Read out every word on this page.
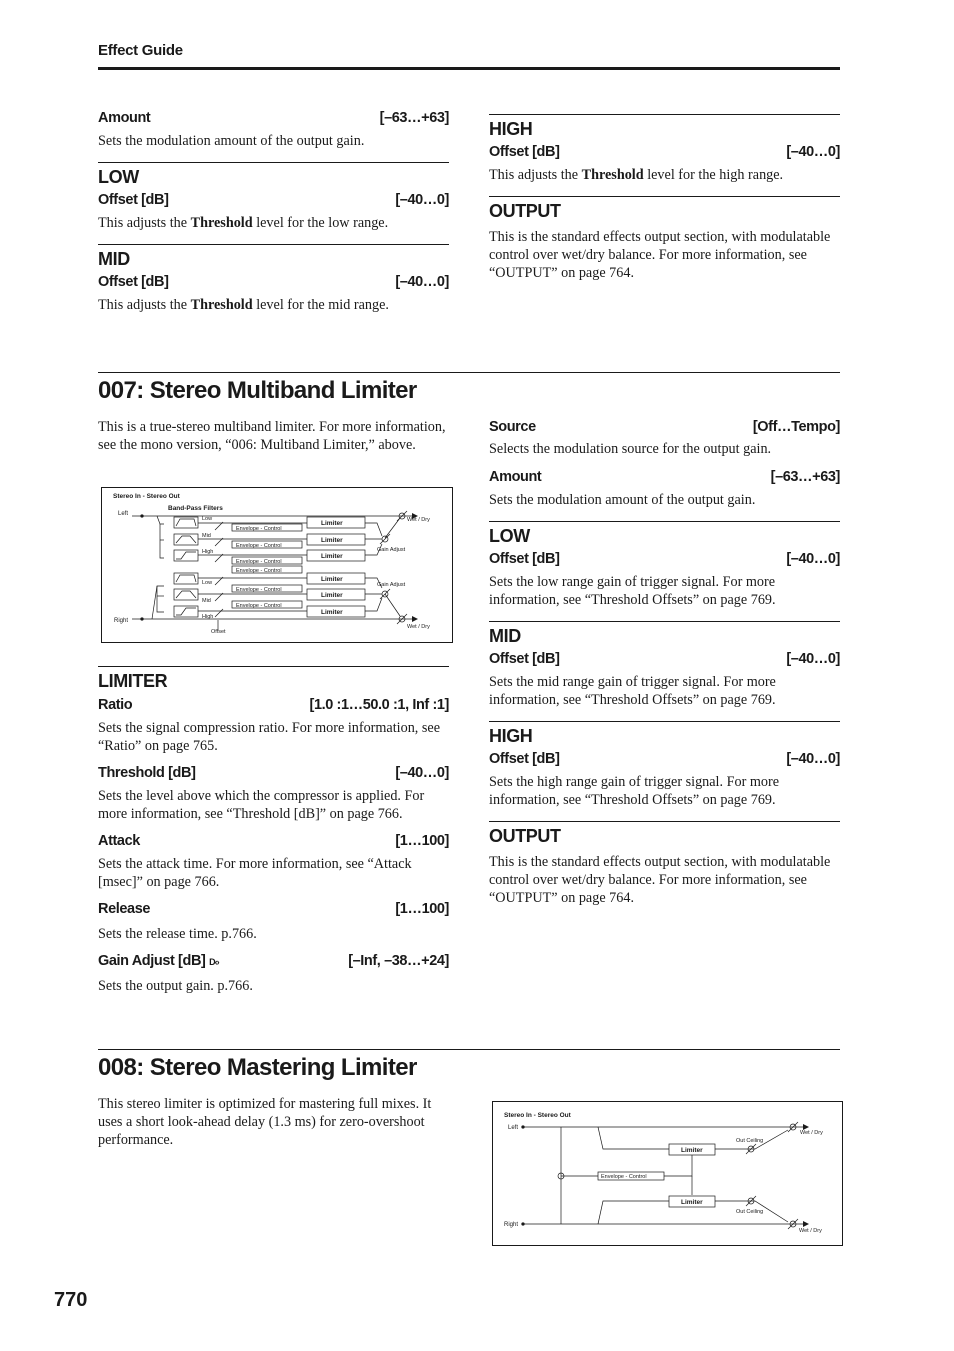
Effect Guide
Amount	[–63…+63]
Sets the modulation amount of the output gain.
LOW
Offset [dB]	[–40…0]
This adjusts the Threshold level for the low range.
MID
Offset [dB]	[–40…0]
This adjusts the Threshold level for the mid range.
HIGH
Offset [dB]	[–40…0]
This adjusts the Threshold level for the high range.
OUTPUT
This is the standard effects output section, with modulatable control over wet/dry balance. For more information, see “OUTPUT” on page 764.
007: Stereo Multiband Limiter
This is a true-stereo multiband limiter. For more information, see the mono version, “006: Multiband Limiter,” above.
Stereo In - Stereo Out
Left
Right
Band-Pass Filters
Low
Mid
High
Low
Mid
High
Envelope - Control
Envelope - Control
Envelope - Control
Envelope - Control
Envelope - Control
Envelope - Control
Limiter
Limiter
Limiter
Limiter
Limiter
Limiter
Gain Adjust
Gain Adjust
Wet / Dry
Wet / Dry
Offset
LIMITER
Ratio	[1.0 :1…50.0 :1, Inf :1]
Sets the signal compression ratio. For more information, see “Ratio” on page 765.
Threshold [dB]	[–40…0]
Sets the level above which the compressor is applied. For more information, see “Threshold [dB]” on page 766.
Attack	[1…100]
Sets the attack time. For more information, see “Attack [msec]” on page 766.
Release	[1…100]
Sets the release time. p.766.
Gain Adjust [dB] D‹›	[–Inf, –38…+24]
Sets the output gain. p.766.
Source	[Off…Tempo]
Selects the modulation source for the output gain.
Amount	[–63…+63]
Sets the modulation amount of the output gain.
LOW
Offset [dB]	[–40…0]
Sets the low range gain of trigger signal. For more information, see “Threshold Offsets” on page 769.
MID
Offset [dB]	[–40…0]
Sets the mid range gain of trigger signal. For more information, see “Threshold Offsets” on page 769.
HIGH
Offset [dB]	[–40…0]
Sets the high range gain of trigger signal. For more information, see “Threshold Offsets” on page 769.
OUTPUT
This is the standard effects output section, with modulatable control over wet/dry balance. For more information, see “OUTPUT” on page 764.
008: Stereo Mastering Limiter
This stereo limiter is optimized for mastering full mixes. It uses a short look-ahead delay (1.3 ms) for zero-overshoot performance.
Stereo In - Stereo Out
Left
Right
Limiter
Limiter
Envelope - Control
Out Ceiling
Out Ceiling
Wet / Dry
Wet / Dry
770
